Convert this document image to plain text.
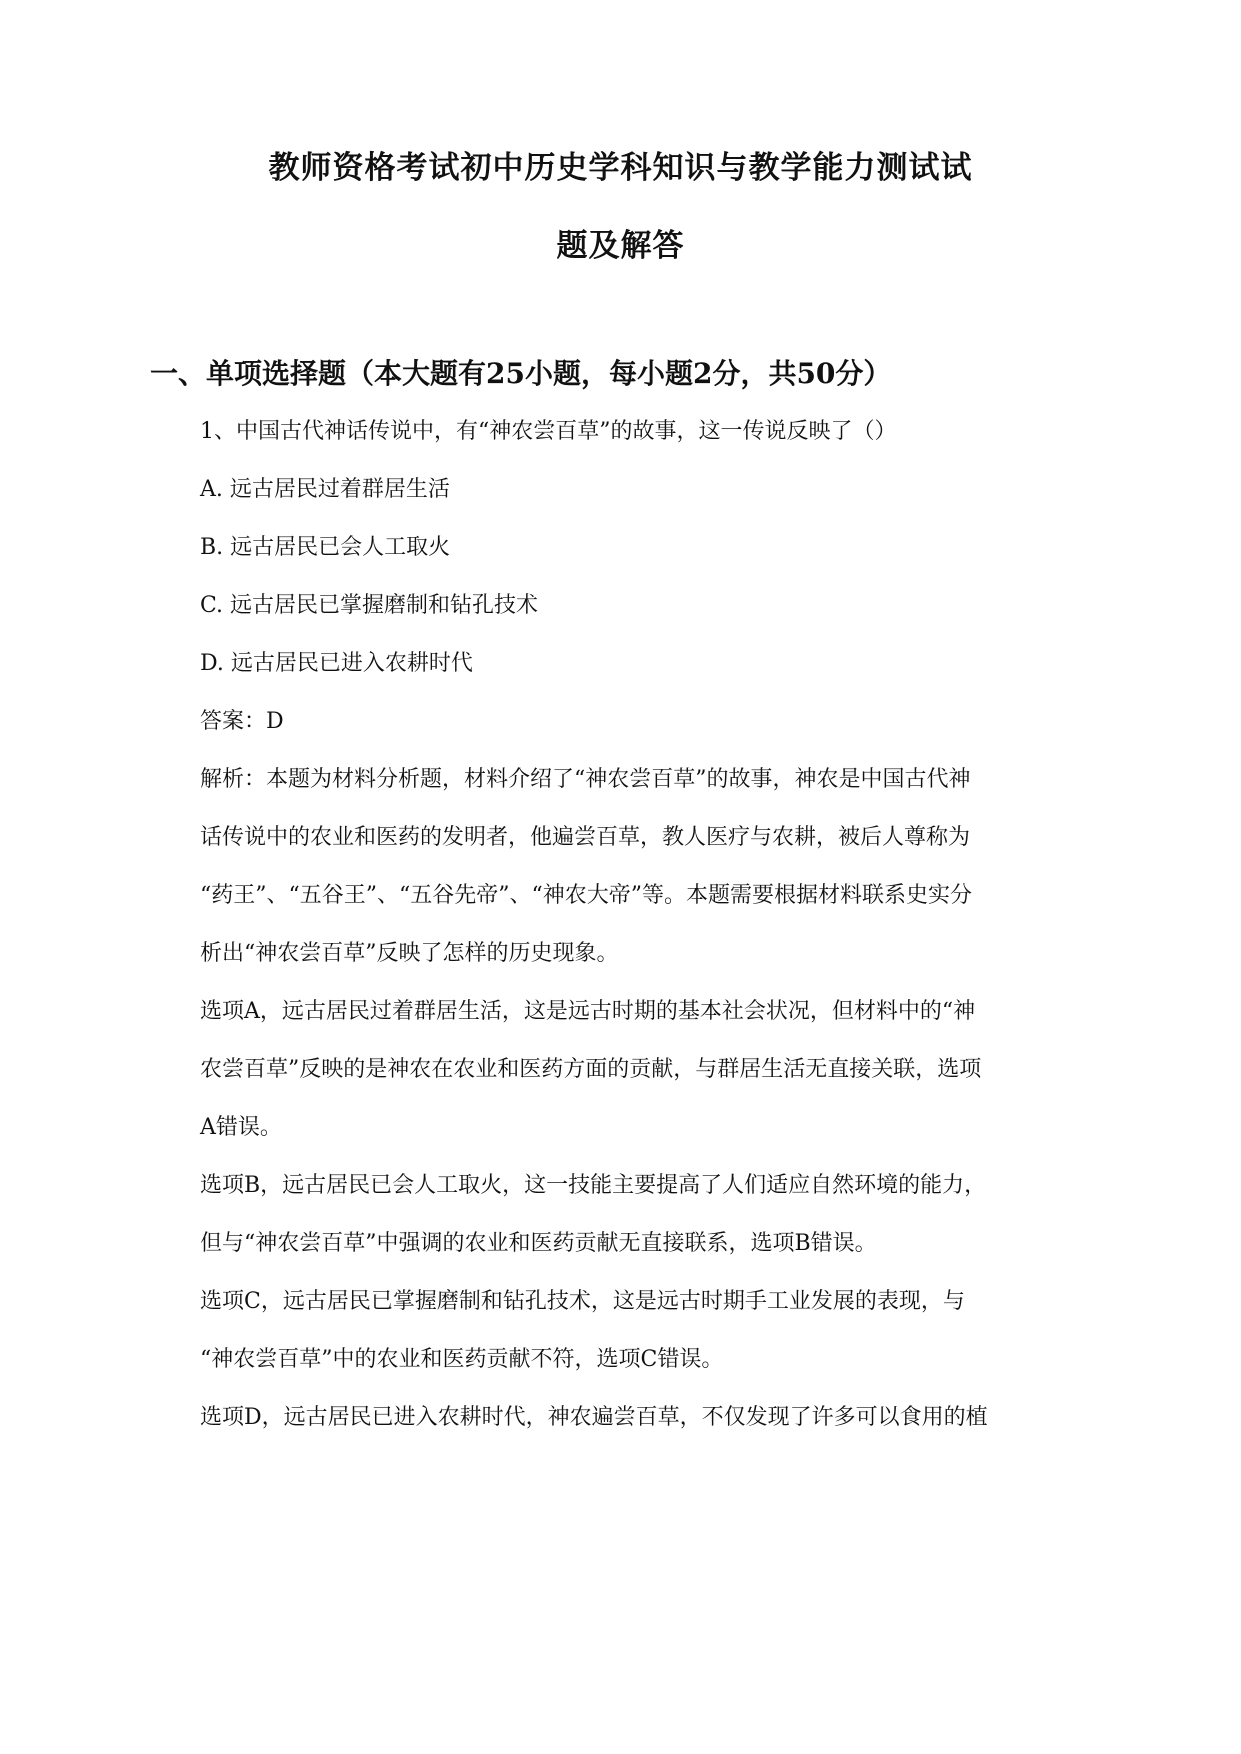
教师资格考试初中历史学科知识与教学能力测试试
题及解答
一、单项选择题（本大题有25小题，每小题2分，共50分）
1、中国古代神话传说中，有“神农尝百草”的故事，这一传说反映了（）
A. 远古居民过着群居生活
B. 远古居民已会人工取火
C. 远古居民已掌握磨制和钻孔技术
D. 远古居民已进入农耕时代
答案：D
解析：本题为材料分析题，材料介绍了“神农尝百草”的故事，神农是中国古代神
话传说中的农业和医药的发明者，他遍尝百草，教人医疗与农耕，被后人尊称为
“药王”、“五谷王”、“五谷先帝”、“神农大帝”等。本题需要根据材料联系史实分
析出“神农尝百草”反映了怎样的历史现象。
选项A，远古居民过着群居生活，这是远古时期的基本社会状况，但材料中的“神
农尝百草”反映的是神农在农业和医药方面的贡献，与群居生活无直接关联，选项
A错误。
选项B，远古居民已会人工取火，这一技能主要提高了人们适应自然环境的能力，
但与“神农尝百草”中强调的农业和医药贡献无直接联系，选项B错误。
选项C，远古居民已掌握磨制和钻孔技术，这是远古时期手工业发展的表现，与
“神农尝百草”中的农业和医药贡献不符，选项C错误。
选项D，远古居民已进入农耕时代，神农遍尝百草，不仅发现了许多可以食用的植
